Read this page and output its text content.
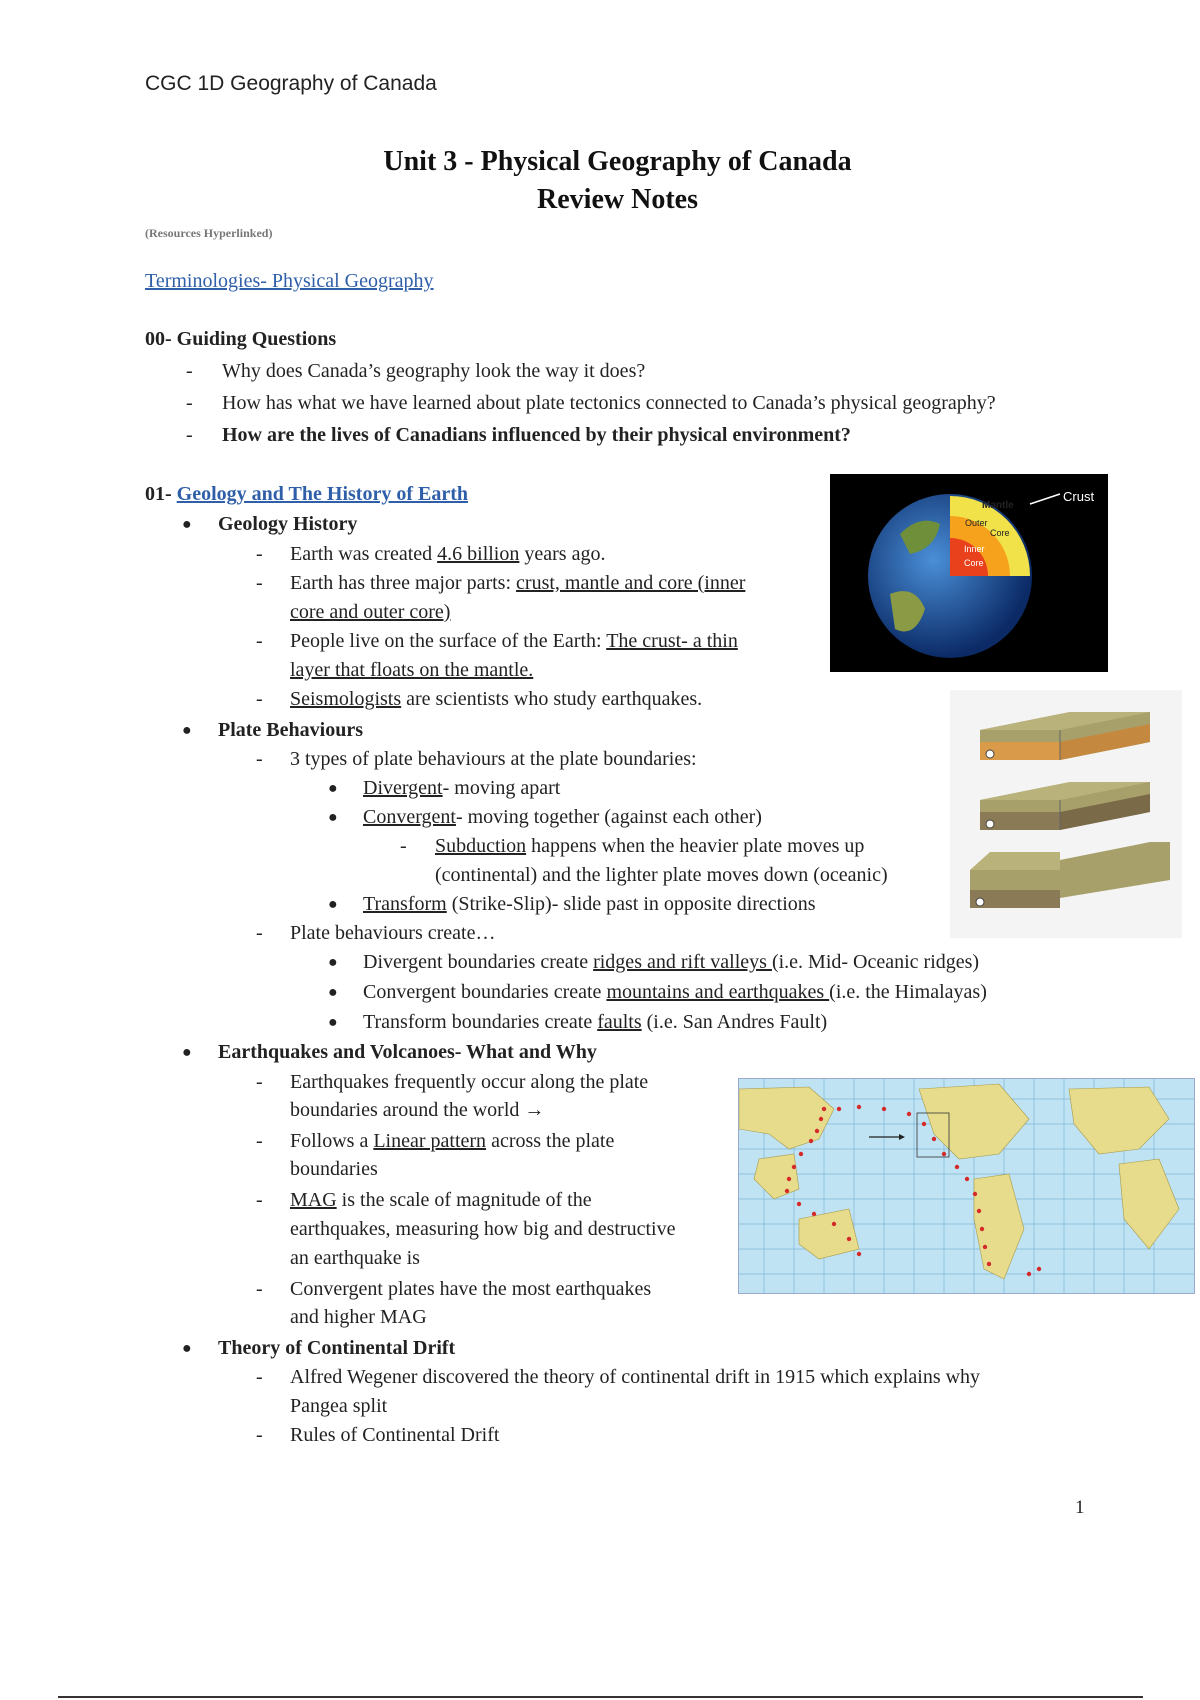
CGC 1D Geography of Canada
Unit 3 - Physical Geography of Canada
Review Notes
(Resources Hyperlinked)
Terminologies- Physical Geography
00- Guiding Questions
- Why does Canada’s geography look the way it does?
- How has what we have learned about plate tectonics connected to Canada’s physical geography?
- How are the lives of Canadians influenced by their physical environment?
01- Geology and The History of Earth
● Geology History
- Earth was created 4.6 billion years ago.
- Earth has three major parts: crust, mantle and core (inner
core and outer core)
- People live on the surface of the Earth: The crust- a thin
layer that floats on the mantle.
- Seismologists are scientists who study earthquakes.
Crust
Mantle
Outer
Core
Inner
Core
● Plate Behaviours
- 3 types of plate behaviours at the plate boundaries:
● Divergent- moving apart
● Convergent- moving together (against each other)
- Subduction happens when the heavier plate moves up
(continental) and the lighter plate moves down (oceanic)
● Transform (Strike-Slip)- slide past in opposite directions
- Plate behaviours create…
● Divergent boundaries create ridges and rift valleys (i.e. Mid- Oceanic ridges)
● Convergent boundaries create mountains and earthquakes (i.e. the Himalayas)
● Transform boundaries create faults (i.e. San Andres Fault)
● Earthquakes and Volcanoes- What and Why
- Earthquakes frequently occur along the plate
boundaries around the world →
- Follows a Linear pattern across the plate
boundaries
- MAG is the scale of magnitude of the
earthquakes, measuring how big and destructive
an earthquake is
- Convergent plates have the most earthquakes
and higher MAG
● Theory of Continental Drift
- Alfred Wegener discovered the theory of continental drift in 1915 which explains why
Pangea split
- Rules of Continental Drift
1
